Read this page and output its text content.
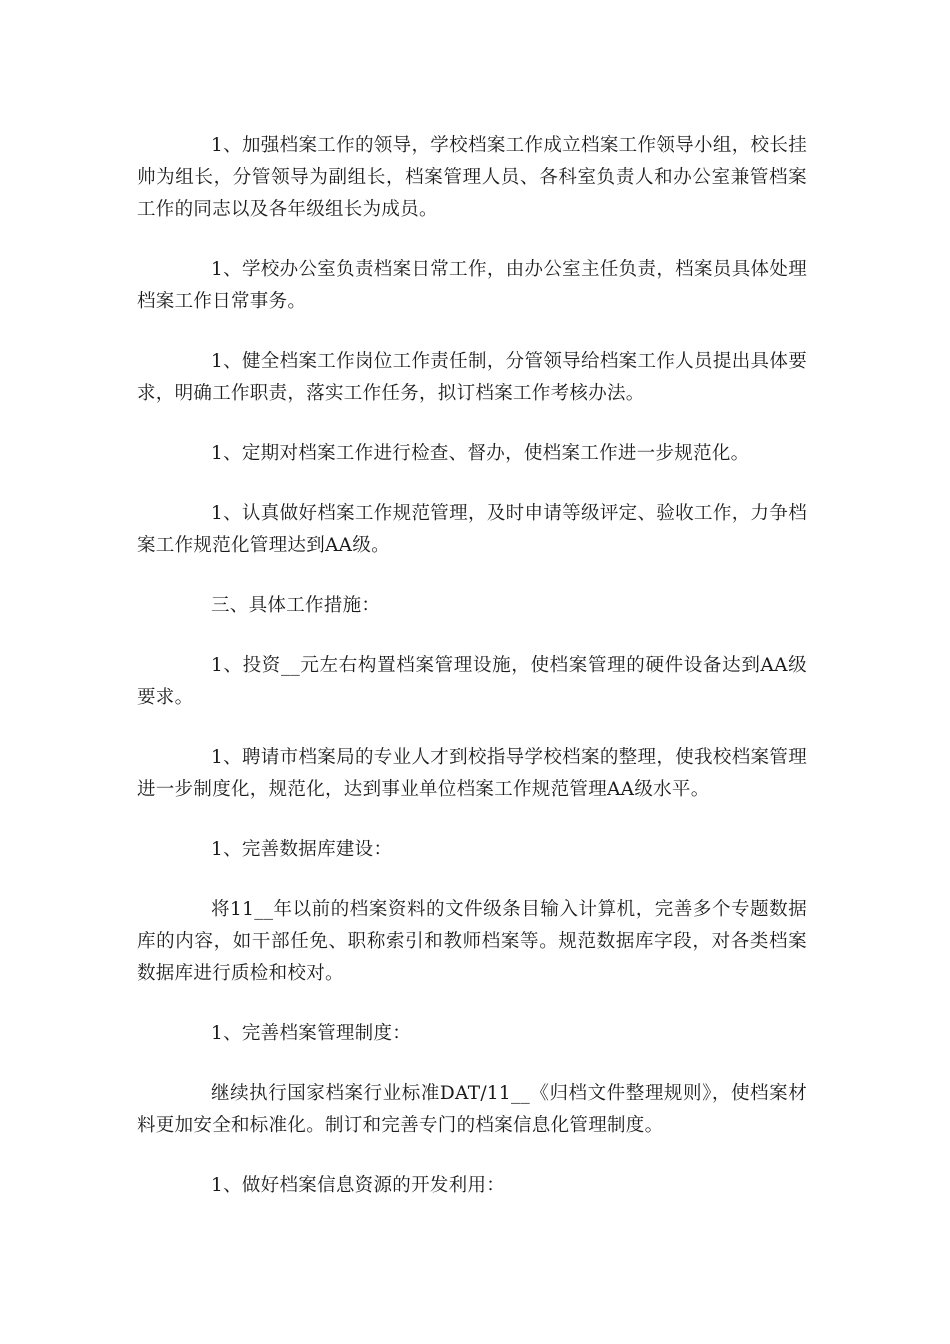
1、加强档案工作的领导，学校档案工作成立档案工作领导小组，校长挂帅为组长，分管领导为副组长，档案管理人员、各科室负责人和办公室兼管档案工作的同志以及各年级组长为成员。

1、学校办公室负责档案日常工作，由办公室主任负责，档案员具体处理档案工作日常事务。

1、健全档案工作岗位工作责任制，分管领导给档案工作人员提出具体要求，明确工作职责，落实工作任务，拟订档案工作考核办法。

1、定期对档案工作进行检查、督办，使档案工作进一步规范化。

1、认真做好档案工作规范管理，及时申请等级评定、验收工作，力争档案工作规范化管理达到AA级。

三、具体工作措施：

1、投资__元左右构置档案管理设施，使档案管理的硬件设备达到AA级要求。

1、聘请市档案局的专业人才到校指导学校档案的整理，使我校档案管理进一步制度化，规范化，达到事业单位档案工作规范管理AA级水平。

1、完善数据库建设：

将11__年以前的档案资料的文件级条目输入计算机，完善多个专题数据库的内容，如干部任免、职称索引和教师档案等。规范数据库字段，对各类档案数据库进行质检和校对。

1、完善档案管理制度：

继续执行国家档案行业标准DAT/11__《归档文件整理规则》，使档案材料更加安全和标准化。制订和完善专门的档案信息化管理制度。

1、做好档案信息资源的开发利用：
